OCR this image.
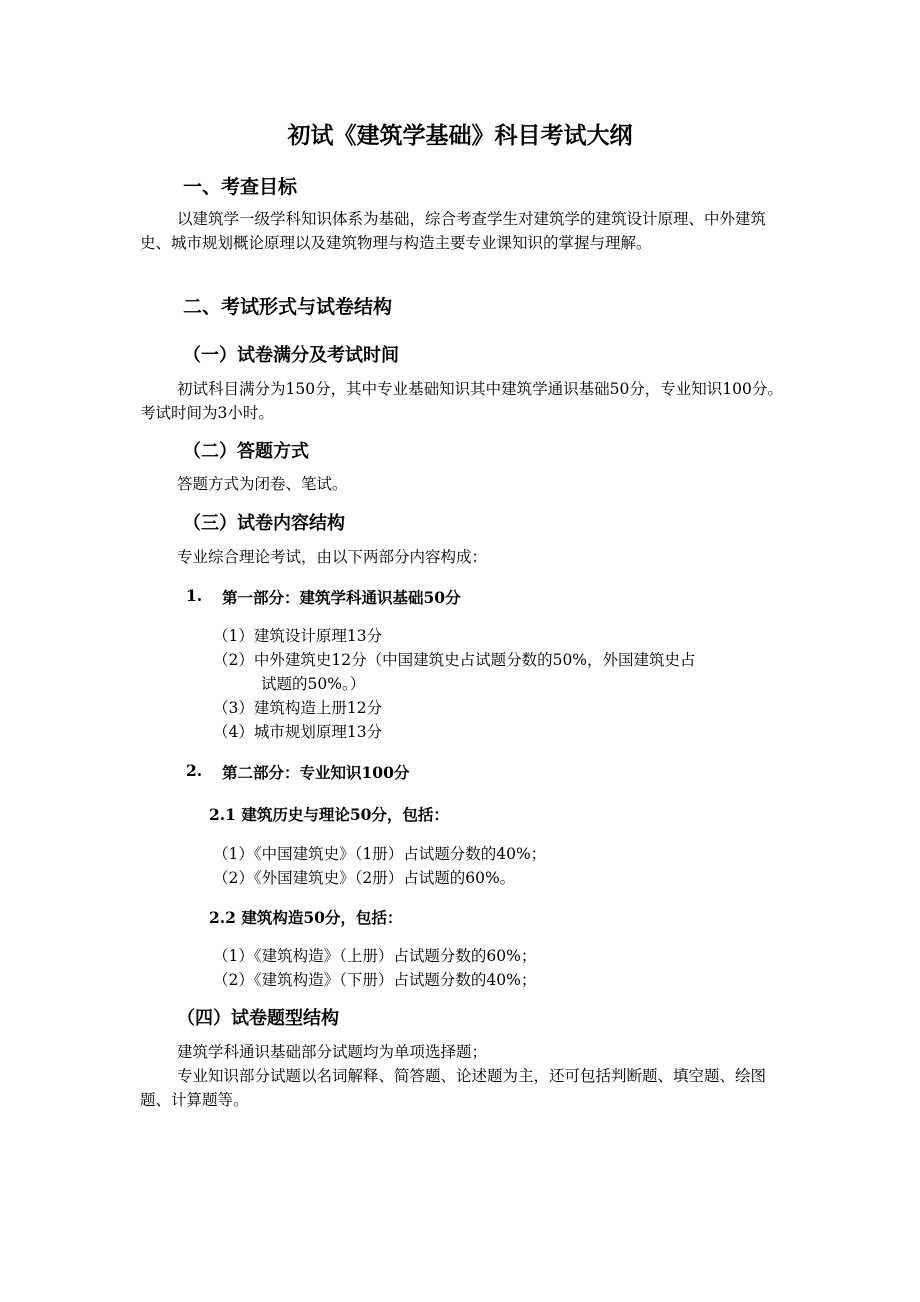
初试《建筑学基础》科目考试大纲
一、考查目标
以建筑学一级学科知识体系为基础，综合考查学生对建筑学的建筑设计原理、中外建筑史、城市规划概论原理以及建筑物理与构造主要专业课知识的掌握与理解。
二、考试形式与试卷结构
（一）试卷满分及考试时间
初试科目满分为150分，其中专业基础知识其中建筑学通识基础50分，专业知识100分。考试时间为3小时。
（二）答题方式
答题方式为闭卷、笔试。
（三）试卷内容结构
专业综合理论考试，由以下两部分内容构成：
1. 第一部分：建筑学科通识基础50分
（1）建筑设计原理13分
（2）中外建筑史12分（中国建筑史占试题分数的50%，外国建筑史占
试题的50%。）
（3）建筑构造上册12分
（4）城市规划原理13分
2. 第二部分：专业知识100分
2.1 建筑历史与理论50分，包括：
（1）《中国建筑史》（1册）占试题分数的40%；
（2）《外国建筑史》（2册）占试题的60%。
2.2 建筑构造50分，包括：
（1）《建筑构造》（上册）占试题分数的60%；
（2）《建筑构造》（下册）占试题分数的40%；
（四）试卷题型结构
建筑学科通识基础部分试题均为单项选择题；
专业知识部分试题以名词解释、简答题、论述题为主，还可包括判断题、填空题、绘图题、计算题等。
